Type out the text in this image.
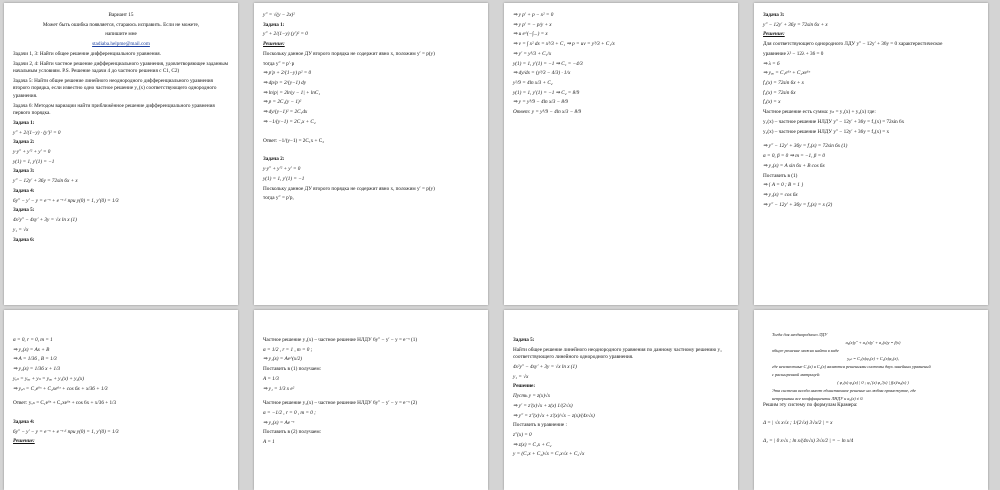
Вариант 15
Может быть ошибка появляется, стараюсь исправить. Если не можете,
напишите мне
stadiaba.helpme@mail.com
Задачи 1, 3: Найти общее решение дифференциального уравнения.
Задачи 2, 4: Найти частное решение дифференциального уравнения, удовлетворяющее заданным начальным условиям. Р.S. Решение задачи 4 до частного решения с С1, С2)
Задача 5: Найти общее решение линейного неоднородного дифференциального уравнения второго порядка, если известно одно частное решение y₁(x) соответствующего однородного уравнения.
Задача 6: Методом вариации найти приближённое решение дифференциального уравнения первого порядка.
Задача 1:
y″ + 2/(1−y) · (y′)² = 0
Задача 2:
y·y″ + y′² + y′ = 0
y(1) = 1, y′(1) = −1
Задача 3:
y″ − 12y′ + 36y = 72sin 6x + x
Задача 4:
6y″ − y′ − y = e⁻ˣ + e⁻ˣ⋅¹ при y(0) = 1, y′(0) = 1/3
Задача 5:
4x²y″ − 4xy′ + 3y = √x ln x (1)
y₁ = √x
Задача 6:
y″ = √(y − 2x)²
Задача 1:
y″ + 2/(1−y) (y′)² = 0
Решение:
Поскольку данное ДУ второго порядка не содержит явно х, положим y′ = p(y)
тогда y″ = p′·p
⇒ p′p + 2/(1−y) p² = 0
⇒ dp/p = 2/(y−1) dy
⇒ ln|p| = 2ln|y − 1| + lnC₁
⇒ p = 2C₁(y − 1)²
⇒ dy/(y−1)² = 2C₁dx
⇒ −1/(y−1) = 2C₁x + C₂
Ответ: −1/(y−1) = 2C₁x + C₂
Задача 2:
y·y″ + y′² + y′ = 0
y(1) = 1, y′(1) = −1
Поскольку данное ДУ второго порядка не содержит явно х, положим y′ = p(y)
тогда y″ = p′p,
⇒ y p′ + p − x² = 0
⇒ y p′ = − p/y + x
⇒ u e^(−∫...) = x
⇒ v = ∫ x² dx = x³/3 + C₁ ⇒ p = uv = y³/3 + C₁/x
⇒ y′ = y³/3 + C₁/x
y(1) = 1, y′(1) = −1 ⇒ C₁ = −4/3
⇒ dy/dx = (y³/3 − 4/3) · 1/x
y²/9 = 4ln x/3 + C₂
y(1) = 1, y′(1) = −1 ⇒ C₂ = 8/9
⇒ y = y³/9 − 4ln x/3 − 8/9
Ответ: y = y³/9 − 4ln x/3 − 8/9
Задача 3:
y″ − 12y′ + 36y = 72sin 6x + x
Решение:
Для соответствующего однородного ЛДУ y″ − 12y′ + 36y = 0 характеристическое
уравнение λ² − 12λ + 36 = 0
⇒ λ = 6
⇒ yₒₒ = C₁e⁶ˣ + C₂xe⁶ˣ
f₁(x) = 72sin 6x + x
f₁(x) = 72sin 6x
f₂(x) = x
Частное решение есть сумма: yₙ = y₁(x) + y₂(x) где:
y₁(x) – частное решение НЛДУ y″ − 12y′ + 36y = f₁(x) = 72sin 6x
y₂(x) – частное решение НЛДУ y″ − 12y′ + 36y = f₂(x) = x
⇒ y″ − 12y′ + 36y = f₁(x) = 72sin 6x (1)
α = 0, β = 0 ⇒ m = −1, β = 0
⇒ y₁(x) = A sin 6x + B cos 6x
Поставить в (1)
⇒ { A = 0 ; B = 1 }
⇒ y₁(x) = cos 6x
⇒ y″ − 12y′ + 36y = f₂(x) = x (2)
α = 0, r = 0, m = 1
⇒ y₂(x) = Ax + B
⇒ A = 1/36 , B = 1/3
⇒ y₂(x) = 1/36 x + 1/3
yₒₙ = yₒₒ + yₙ = yₒₒ + y₁(x) + y₂(x)
⇒ yₒₙ = C₁e⁶ˣ + C₂xe⁶ˣ + cos 6x + x/36 + 1/3
Ответ: yₒₙ = C₁e⁶ˣ + C₂xe⁶ˣ + cos 6x + x/36 + 1/3
Задача 4:
6y″ − y′ − y = e⁻ˣ + e⁻ˣ⋅¹ при y(0) = 1, y′(0) = 1/3
Решение:
Частное решение y₁(x) – частное решение НЛДУ 6y″ − y′ − y = e⁻ˣ (1)
α = 1/2 , r = 1 , m = 0 ;
⇒ y₁(x) = Ae^(x/2)
Поставить в (1) получаем:
A = 1/3
⇒ y₁ = 1/3 x e²
Частное решение y₂(x) – частное решение НЛДУ 6y″ − y′ − y = e⁻ˣ (2)
α = −1/2 , r = 0 , m = 0 ;
⇒ y₂(x) = Ae⁻ˣ
Поставить в (2) получаем:
A = 1
Задача 5:
Найти общее решение линейного неоднородного уравнения по данному частному решению y₁ соответствующего линейного однородного уравнения.
4x²y″ − 4xy′ + 3y = √x ln x (1)
y₁ = √x
Решение:
Пусть y = z(x)√x
⇒ y′ = z′(x)√x + z(x) 1/(2√x)
⇒ y″ = z″(x)√x + z′(x)/√x − z(x)/(4x√x)
Поставить в уравнение :
z″(x) = 0
⇒ z(x) = C₁x + C₂
y = (C₁x + C₂)√x = C₁x√x + C₂√x
Тогда для неоднородного ЛДУ
a₀(x)y″ + a₁(x)y′ + a₂(x)y = f(x)
общее решение можно найти в виде
yₒₙ = C₁(x)φ₁(x) + C₂(x)φ₂(x),
где неизвестные C₁(x) и C₂(x) являются решениями системы двух линейных уравнений
с расширенной матрицей:
( φ₁(x) φ₂(x) | 0 ; φ₁′(x) φ₂′(x) | f(x)/a₀(x) )
Эта система всегда имеет единственное решение на любом промежутке, где
непрерывны все коэффициенты ЛНДУ и a₀(x) ≠ 0.
Решим эту систему по формулам Крамера:
Δ = | √x x√x ; 1/(2√x) 3√x/2 | = x
Δ₁ = | 0 x√x ; ln x/(4x√x) 3√x/2 | = − ln x/4
